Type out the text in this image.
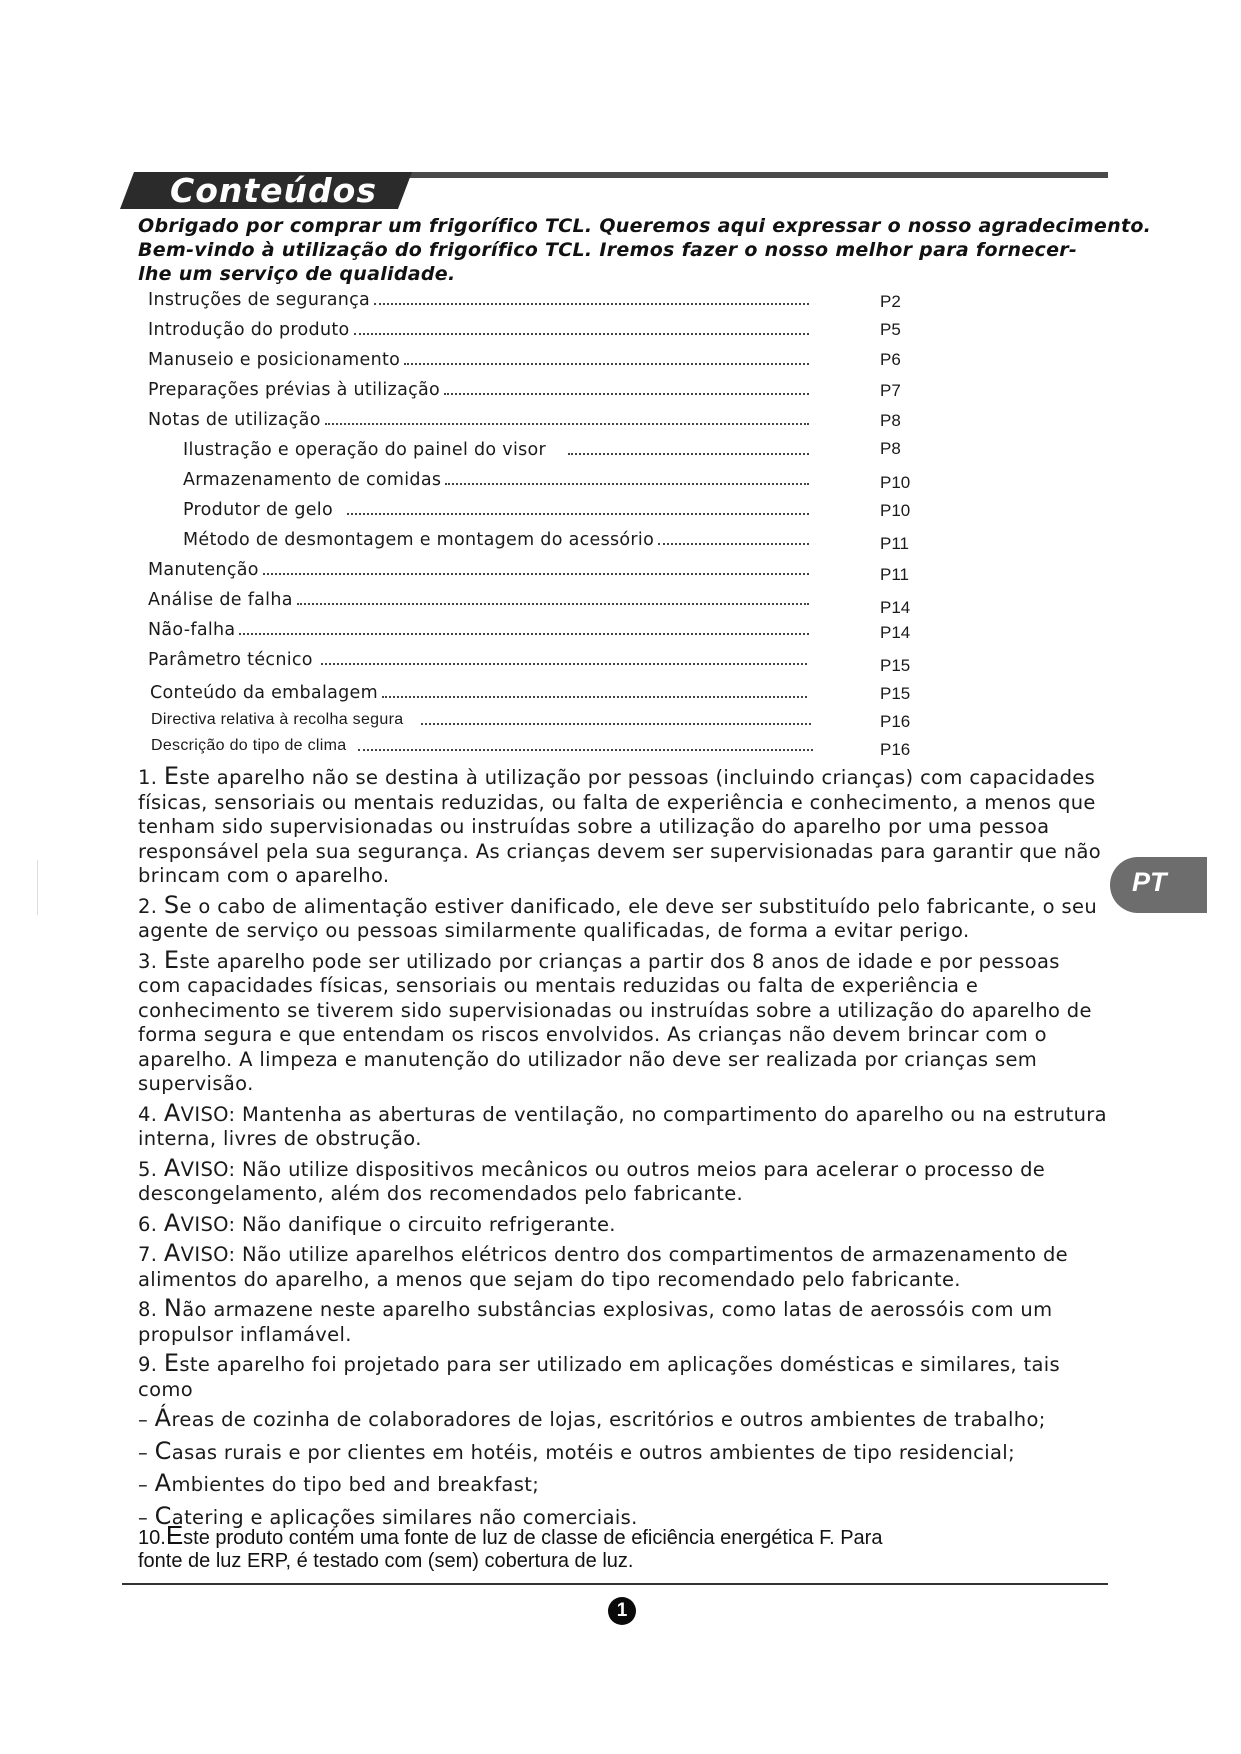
Conteúdos
Obrigado por comprar um frigorífico TCL. Queremos aqui expressar o nosso agradecimento.
Bem-vindo à utilização do frigorífico TCL. Iremos fazer o nosso melhor para fornecer-
lhe um serviço de qualidade.
Instruções de segurança	P2
Introdução do produto	P5
Manuseio e posicionamento	P6
Preparações prévias à utilização	P7
Notas de utilização	P8
Ilustração e operação do painel do visor	P8
Armazenamento de comidas	P10
Produtor de gelo	P10
Método de desmontagem e montagem do acessório	P11
Manutenção	P11
Análise de falha	P14
Não-falha	P14
Parâmetro técnico	P15
Conteúdo da embalagem	P15
Directiva relativa à recolha segura	P16
Descrição do tipo de clima	P16

1. Este aparelho não se destina à utilização por pessoas (incluindo crianças) com capacidades físicas, sensoriais ou mentais reduzidas, ou falta de experiência e conhecimento, a menos que tenham sido supervisionadas ou instruídas sobre a utilização do aparelho por uma pessoa responsável pela sua segurança. As crianças devem ser supervisionadas para garantir que não brincam com o aparelho.

2. Se o cabo de alimentação estiver danificado, ele deve ser substituído pelo fabricante, o seu agente de serviço ou pessoas similarmente qualificadas, de forma a evitar perigo.

3. Este aparelho pode ser utilizado por crianças a partir dos 8 anos de idade e por pessoas com capacidades físicas, sensoriais ou mentais reduzidas ou falta de experiência e conhecimento se tiverem sido supervisionadas ou instruídas sobre a utilização do aparelho de forma segura e que entendam os riscos envolvidos. As crianças não devem brincar com o aparelho. A limpeza e manutenção do utilizador não deve ser realizada por crianças sem supervisão.

4. AVISO: Mantenha as aberturas de ventilação, no compartimento do aparelho ou na estrutura interna, livres de obstrução.

5. AVISO: Não utilize dispositivos mecânicos ou outros meios para acelerar o processo de descongelamento, além dos recomendados pelo fabricante.

6. AVISO: Não danifique o circuito refrigerante.

7. AVISO: Não utilize aparelhos elétricos dentro dos compartimentos de armazenamento de alimentos do aparelho, a menos que sejam do tipo recomendado pelo fabricante.

8. Não armazene neste aparelho substâncias explosivas, como latas de aerossóis com um propulsor inflamável.

9. Este aparelho foi projetado para ser utilizado em aplicações domésticas e similares, tais como

– Áreas de cozinha de colaboradores de lojas, escritórios e outros ambientes de trabalho;

– Casas rurais e por clientes em hotéis, motéis e outros ambientes de tipo residencial;

– Ambientes do tipo bed and breakfast;

– Catering e aplicações similares não comerciais.

10.Este produto contém uma fonte de luz de classe de eficiência energética F. Para
fonte de luz ERP, é testado com (sem) cobertura de luz.
1
PT
